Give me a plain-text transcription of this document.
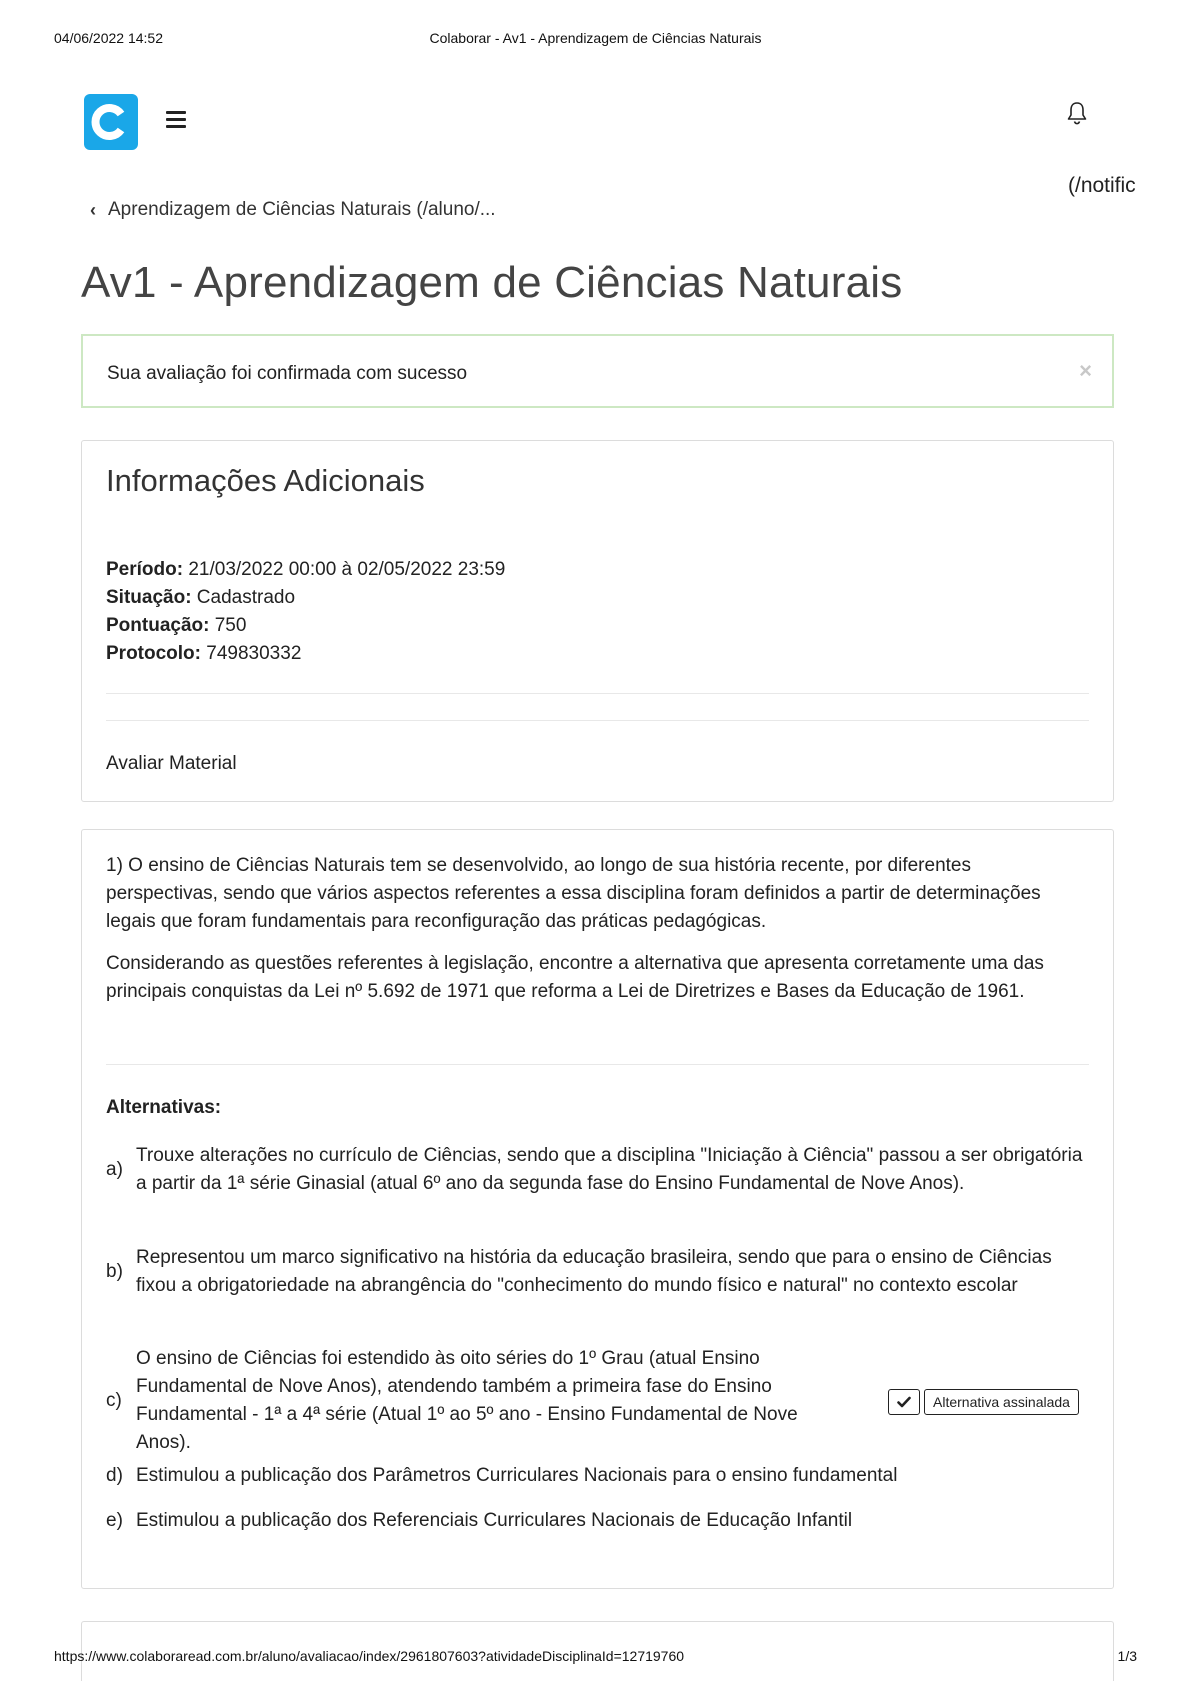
04/06/2022 14:52	Colaborar - Av1 - Aprendizagem de Ciências Naturais
(/notific
‹ Aprendizagem de Ciências Naturais (/aluno/...
Av1 - Aprendizagem de Ciências Naturais
Sua avaliação foi confirmada com sucesso	×
Informações Adicionais
Período: 21/03/2022 00:00 à 02/05/2022 23:59
Situação: Cadastrado
Pontuação: 750
Protocolo: 749830332
Avaliar Material

1) O ensino de Ciências Naturais tem se desenvolvido, ao longo de sua história recente, por diferentes perspectivas, sendo que vários aspectos referentes a essa disciplina foram definidos a partir de determinações legais que foram fundamentais para reconfiguração das práticas pedagógicas.

Considerando as questões referentes à legislação, encontre a alternativa que apresenta corretamente uma das principais conquistas da Lei nº 5.692 de 1971 que reforma a Lei de Diretrizes e Bases da Educação de 1961.

Alternativas:
a)
Trouxe alterações no currículo de Ciências, sendo que a disciplina "Iniciação à Ciência" passou a ser obrigatória a partir da 1ª série Ginasial (atual 6º ano da segunda fase do Ensino Fundamental de Nove Anos).
b)
Representou um marco significativo na história da educação brasileira, sendo que para o ensino de Ciências fixou a obrigatoriedade na abrangência do "conhecimento do mundo físico e natural" no contexto escolar
c)
O ensino de Ciências foi estendido às oito séries do 1º Grau (atual Ensino Fundamental de Nove Anos), atendendo também a primeira fase do Ensino Fundamental - 1ª a 4ª série (Atual 1º ao 5º ano - Ensino Fundamental de Nove Anos).
Alternativa assinalada
d) Estimulou a publicação dos Parâmetros Curriculares Nacionais para o ensino fundamental
e) Estimulou a publicação dos Referenciais Curriculares Nacionais de Educação Infantil
https://www.colaboraread.com.br/aluno/avaliacao/index/2961807603?atividadeDisciplinaId=12719760	1/3
